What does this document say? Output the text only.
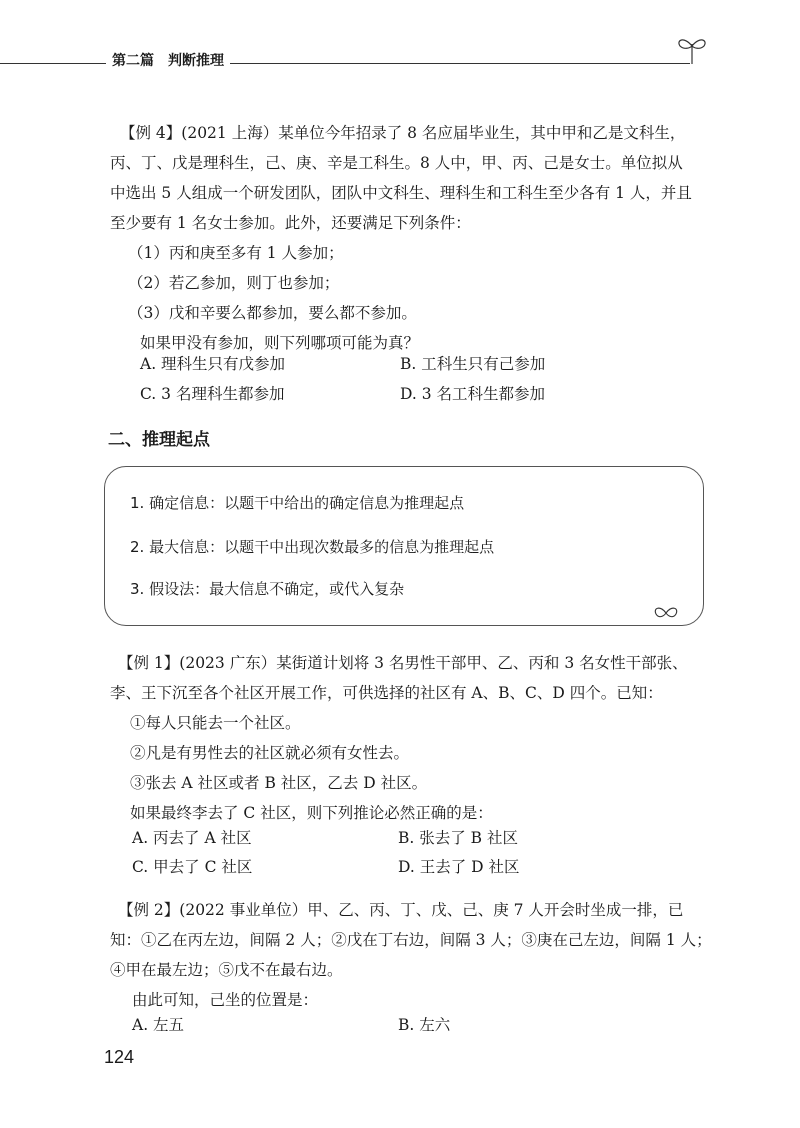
第二篇 判断推理
【例 4】(2021 上海）某单位今年招录了 8 名应届毕业生，其中甲和乙是文科生，
丙、丁、戊是理科生，己、庚、辛是工科生。8 人中，甲、丙、己是女士。单位拟从
中选出 5 人组成一个研发团队，团队中文科生、理科生和工科生至少各有 1 人，并且
至少要有 1 名女士参加。此外，还要满足下列条件：
（1）丙和庚至多有 1 人参加；
（2）若乙参加，则丁也参加；
（3）戊和辛要么都参加，要么都不参加。
如果甲没有参加，则下列哪项可能为真？
A. 理科生只有戊参加	B. 工科生只有己参加
C. 3 名理科生都参加	D. 3 名工科生都参加
二、推理起点
1. 确定信息：以题干中给出的确定信息为推理起点
2. 最大信息：以题干中出现次数最多的信息为推理起点
3. 假设法：最大信息不确定，或代入复杂
【例 1】(2023 广东）某街道计划将 3 名男性干部甲、乙、丙和 3 名女性干部张、
李、王下沉至各个社区开展工作，可供选择的社区有 A、B、C、D 四个。已知：
①每人只能去一个社区。
②凡是有男性去的社区就必须有女性去。
③张去 A 社区或者 B 社区，乙去 D 社区。
如果最终李去了 C 社区，则下列推论必然正确的是：
A. 丙去了 A 社区	B. 张去了 B 社区
C. 甲去了 C 社区	D. 王去了 D 社区
【例 2】(2022 事业单位）甲、乙、丙、丁、戊、己、庚 7 人开会时坐成一排，已
知：①乙在丙左边，间隔 2 人；②戊在丁右边，间隔 3 人；③庚在己左边，间隔 1 人；
④甲在最左边；⑤戊不在最右边。
由此可知，己坐的位置是：
A. 左五	B. 左六
124
